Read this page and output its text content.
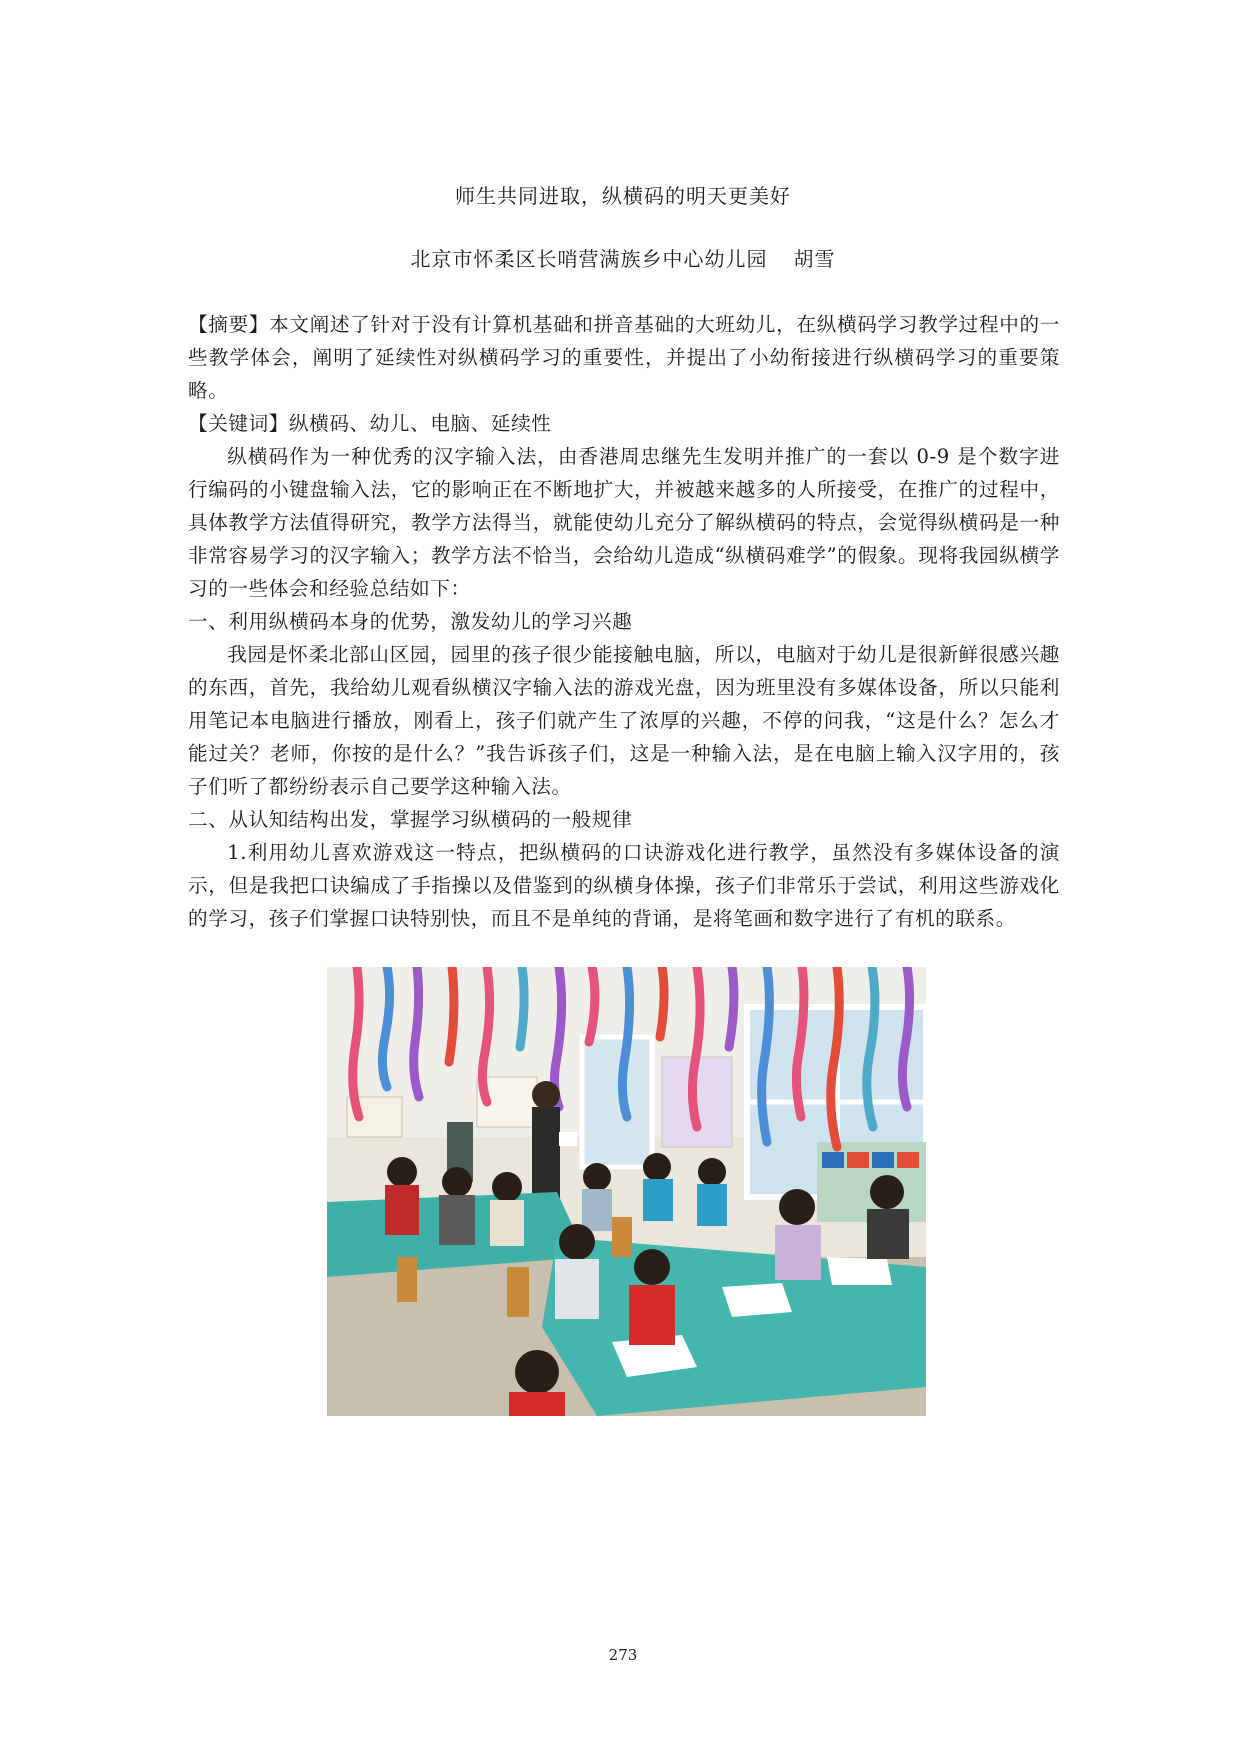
师生共同进取，纵横码的明天更美好
北京市怀柔区长哨营满族乡中心幼儿园 胡雪

【摘要】本文阐述了针对于没有计算机基础和拼音基础的大班幼儿，在纵横码学习教学过程中的一些教学体会，阐明了延续性对纵横码学习的重要性，并提出了小幼衔接进行纵横码学习的重要策略。

【关键词】纵横码、幼儿、电脑、延续性

纵横码作为一种优秀的汉字输入法，由香港周忠继先生发明并推广的一套以 0-9 是个数字进行编码的小键盘输入法，它的影响正在不断地扩大，并被越来越多的人所接受，在推广的过程中，具体教学方法值得研究，教学方法得当，就能使幼儿充分了解纵横码的特点，会觉得纵横码是一种非常容易学习的汉字输入；教学方法不恰当，会给幼儿造成“纵横码难学”的假象。现将我园纵横学习的一些体会和经验总结如下：

一、利用纵横码本身的优势，激发幼儿的学习兴趣

我园是怀柔北部山区园，园里的孩子很少能接触电脑，所以，电脑对于幼儿是很新鲜很感兴趣的东西，首先，我给幼儿观看纵横汉字输入法的游戏光盘，因为班里没有多媒体设备，所以只能利用笔记本电脑进行播放，刚看上，孩子们就产生了浓厚的兴趣，不停的问我，“这是什么？怎么才能过关？老师，你按的是什么？”我告诉孩子们，这是一种输入法，是在电脑上输入汉字用的，孩子们听了都纷纷表示自己要学这种输入法。

二、从认知结构出发，掌握学习纵横码的一般规律

1.利用幼儿喜欢游戏这一特点，把纵横码的口诀游戏化进行教学，虽然没有多媒体设备的演示，但是我把口诀编成了手指操以及借鉴到的纵横身体操，孩子们非常乐于尝试，利用这些游戏化的学习，孩子们掌握口诀特别快，而且不是单纯的背诵，是将笔画和数字进行了有机的联系。

273
